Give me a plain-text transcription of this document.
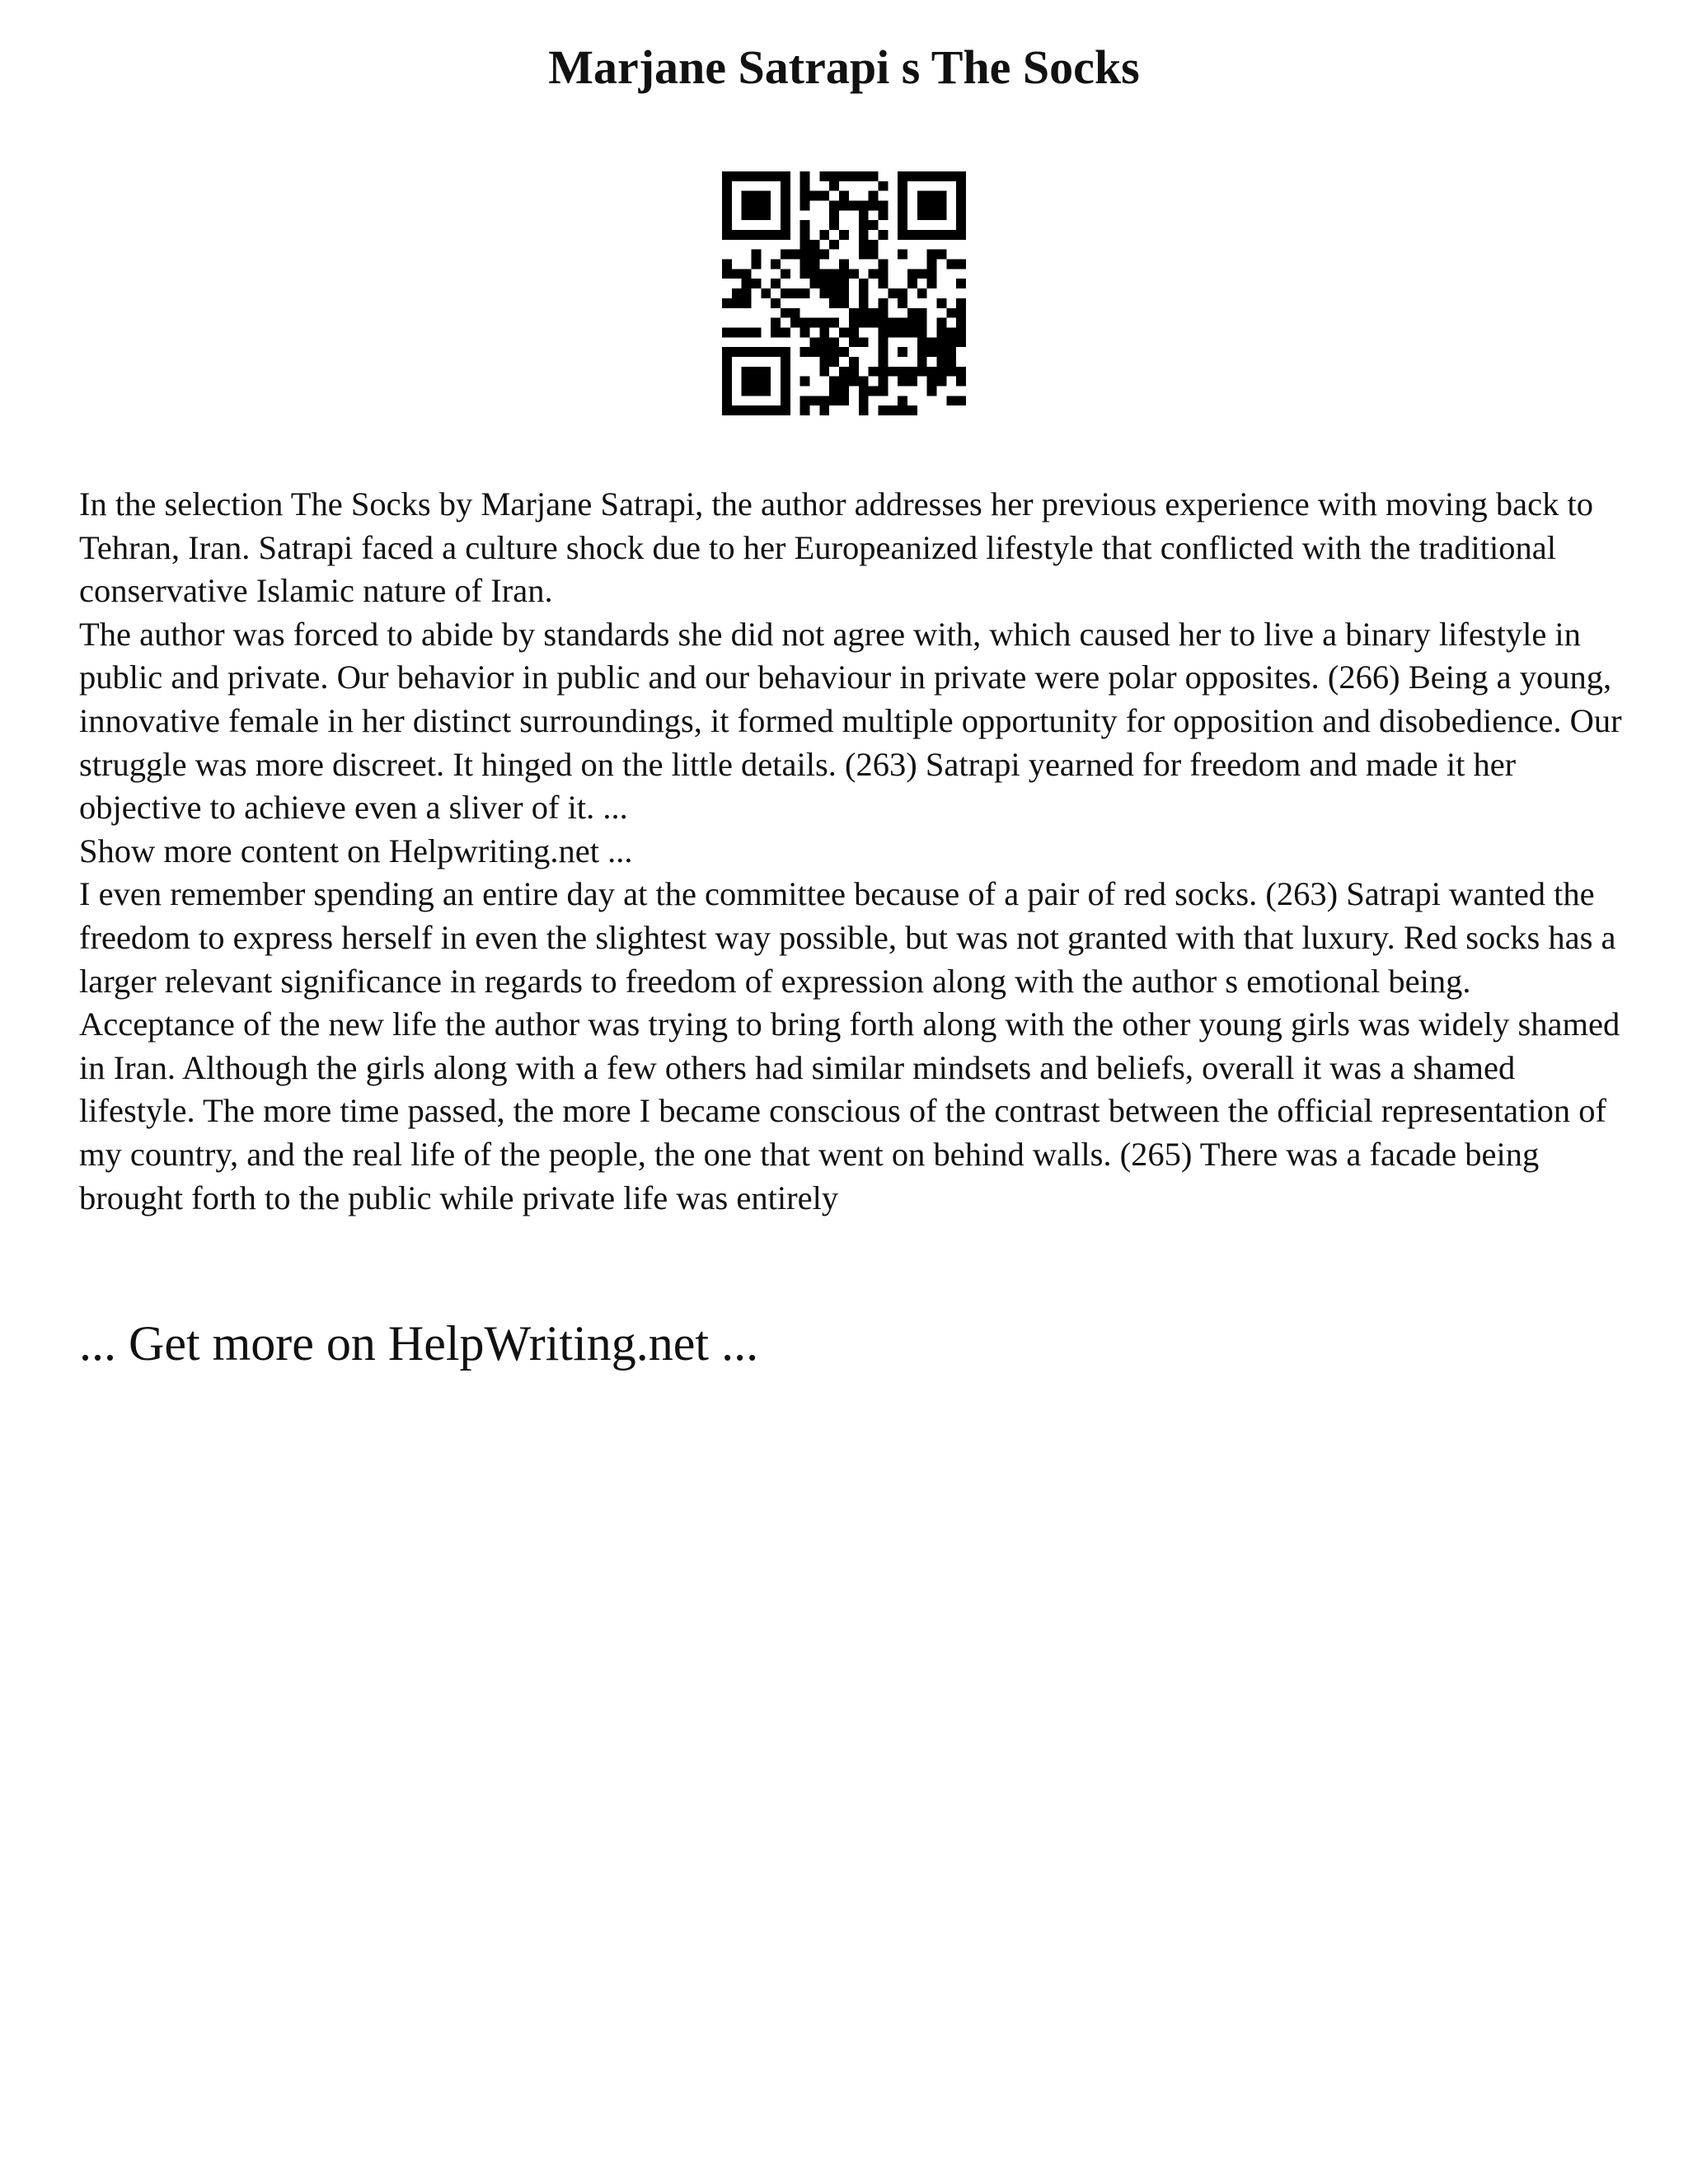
Marjane Satrapi s The Socks

In the selection The Socks by Marjane Satrapi, the author addresses her previous experience with moving back to Tehran, Iran. Satrapi faced a culture shock due to her Europeanized lifestyle that conflicted with the traditional conservative Islamic nature of Iran.

The author was forced to abide by standards she did not agree with, which caused her to live a binary lifestyle in public and private. Our behavior in public and our behaviour in private were polar opposites. (266) Being a young, innovative female in her distinct surroundings, it formed multiple opportunity for opposition and disobedience. Our struggle was more discreet. It hinged on the little details. (263) Satrapi yearned for freedom and made it her objective to achieve even a sliver of it. ...

Show more content on Helpwriting.net ...

I even remember spending an entire day at the committee because of a pair of red socks. (263) Satrapi wanted the freedom to express herself in even the slightest way possible, but was not granted with that luxury. Red socks has a larger relevant significance in regards to freedom of expression along with the author s emotional being.

Acceptance of the new life the author was trying to bring forth along with the other young girls was widely shamed in Iran. Although the girls along with a few others had similar mindsets and beliefs, overall it was a shamed lifestyle. The more time passed, the more I became conscious of the contrast between the official representation of my country, and the real life of the people, the one that went on behind walls. (265) There was a facade being brought forth to the public while private life was entirely

... Get more on HelpWriting.net ...
